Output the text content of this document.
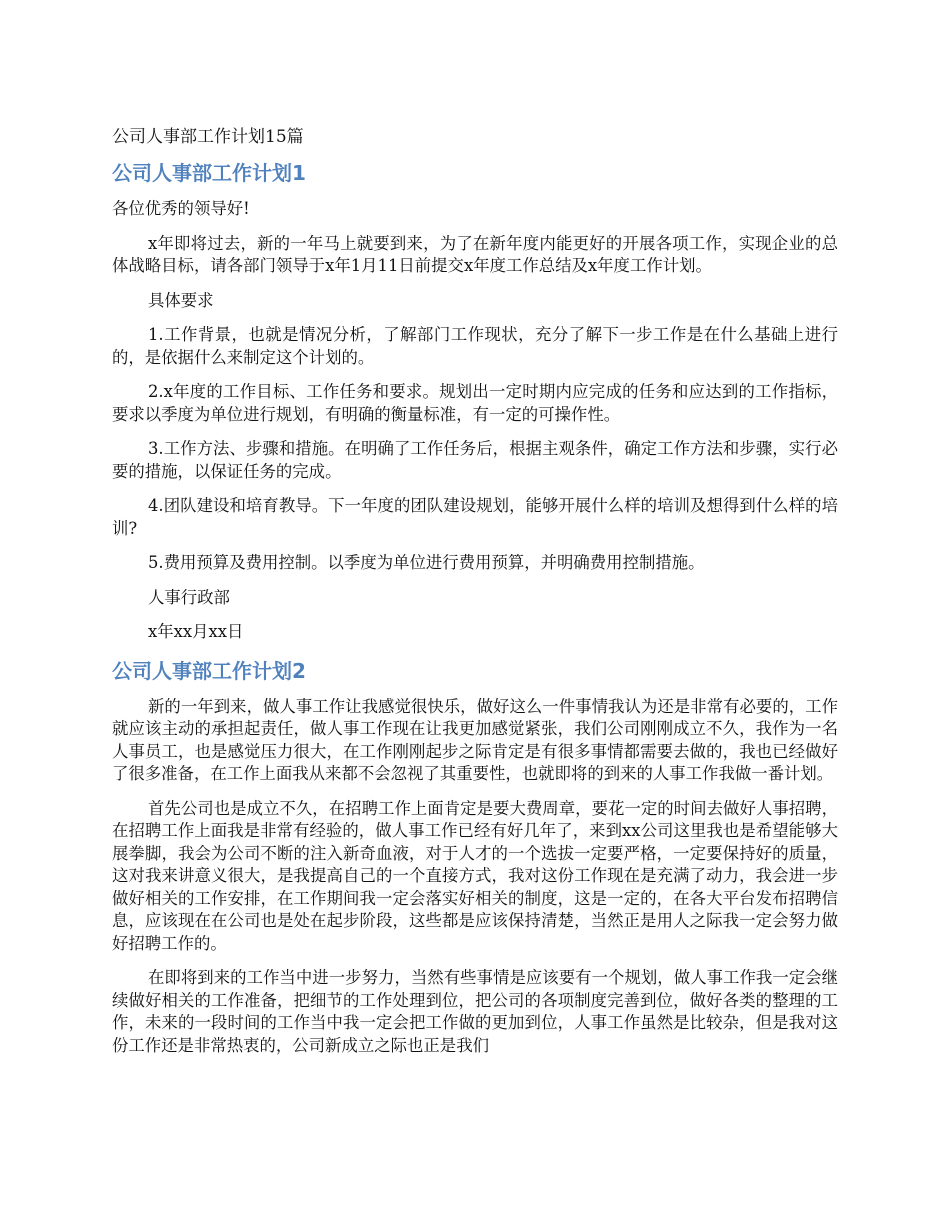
公司人事部工作计划15篇
公司人事部工作计划1

各位优秀的领导好!

x年即将过去，新的一年马上就要到来，为了在新年度内能更好的开展各项工作，实现企业的总体战略目标，请各部门领导于x年1月11日前提交x年度工作总结及x年度工作计划。

具体要求

1.工作背景，也就是情况分析，了解部门工作现状，充分了解下一步工作是在什么基础上进行的，是依据什么来制定这个计划的。

2.x年度的工作目标、工作任务和要求。规划出一定时期内应完成的任务和应达到的工作指标，要求以季度为单位进行规划，有明确的衡量标准，有一定的可操作性。

3.工作方法、步骤和措施。在明确了工作任务后，根据主观条件，确定工作方法和步骤，实行必要的措施，以保证任务的完成。

4.团队建设和培育教导。下一年度的团队建设规划，能够开展什么样的培训及想得到什么样的培训?

5.费用预算及费用控制。以季度为单位进行费用预算，并明确费用控制措施。

人事行政部

x年xx月xx日

公司人事部工作计划2

新的一年到来，做人事工作让我感觉很快乐，做好这么一件事情我认为还是非常有必要的，工作就应该主动的承担起责任，做人事工作现在让我更加感觉紧张，我们公司刚刚成立不久，我作为一名人事员工，也是感觉压力很大，在工作刚刚起步之际肯定是有很多事情都需要去做的，我也已经做好了很多准备，在工作上面我从来都不会忽视了其重要性，也就即将的到来的人事工作我做一番计划。

首先公司也是成立不久，在招聘工作上面肯定是要大费周章，要花一定的时间去做好人事招聘，在招聘工作上面我是非常有经验的，做人事工作已经有好几年了，来到xx公司这里我也是希望能够大展拳脚，我会为公司不断的注入新奇血液，对于人才的一个选拔一定要严格，一定要保持好的质量，这对我来讲意义很大，是我提高自己的一个直接方式，我对这份工作现在是充满了动力，我会进一步做好相关的工作安排，在工作期间我一定会落实好相关的制度，这是一定的，在各大平台发布招聘信息，应该现在在公司也是处在起步阶段，这些都是应该保持清楚，当然正是用人之际我一定会努力做好招聘工作的。

在即将到来的工作当中进一步努力，当然有些事情是应该要有一个规划，做人事工作我一定会继续做好相关的工作准备，把细节的工作处理到位，把公司的各项制度完善到位，做好各类的整理的工作，未来的一段时间的工作当中我一定会把工作做的更加到位，人事工作虽然是比较杂，但是我对这份工作还是非常热衷的，公司新成立之际也正是我们
